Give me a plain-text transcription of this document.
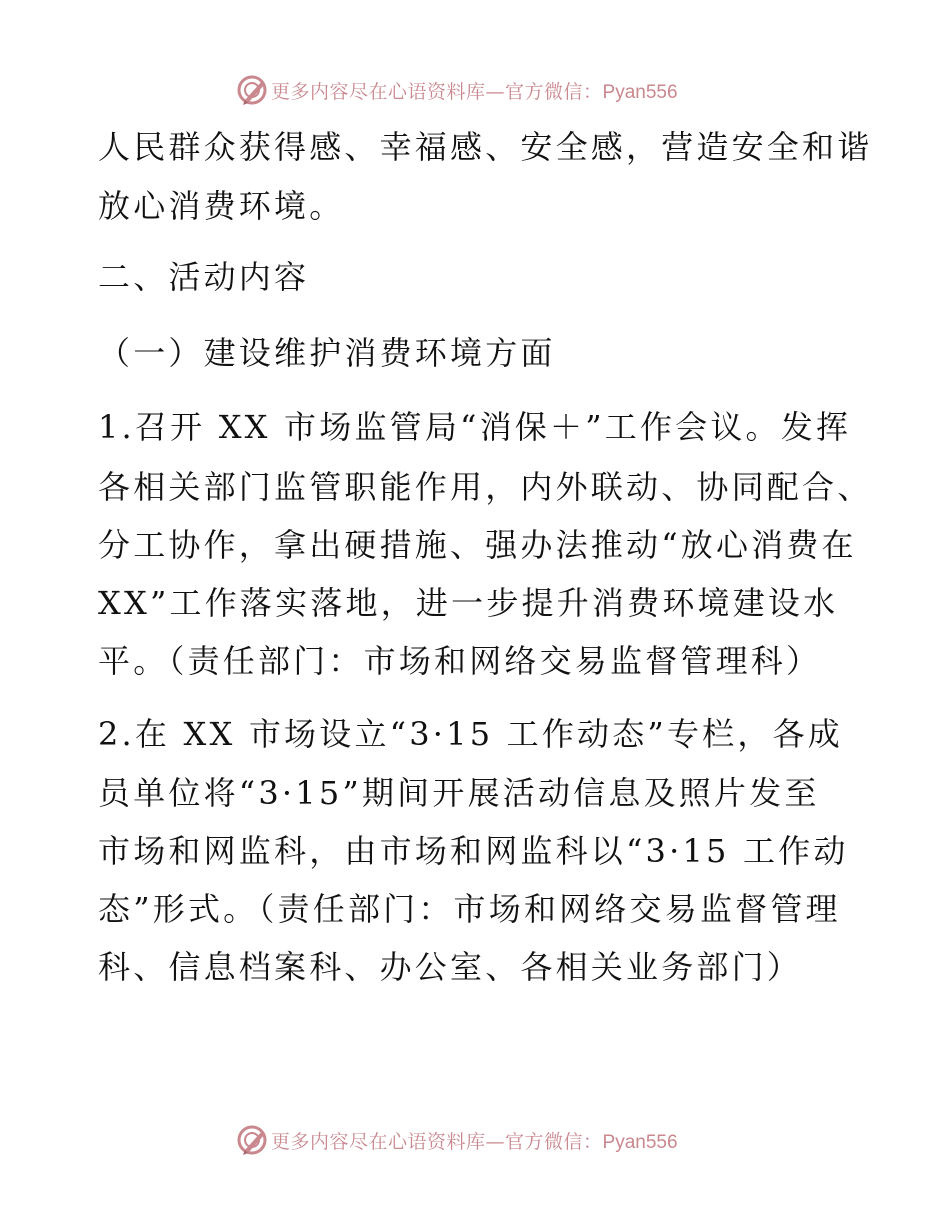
更多内容尽在心语资料库—官方微信：Pyan556
人民群众获得感、幸福感、安全感，营造安全和谐
放心消费环境。
二、活动内容
（一）建设维护消费环境方面
1.召开 XX 市场监管局“消保＋”工作会议。发挥
各相关部门监管职能作用，内外联动、协同配合、
分工协作，拿出硬措施、强办法推动“放心消费在
XX”工作落实落地，进一步提升消费环境建设水
平。（责任部门：市场和网络交易监督管理科）
2.在 XX 市场设立“3·15 工作动态”专栏，各成
员单位将“3·15”期间开展活动信息及照片发至
市场和网监科，由市场和网监科以“3·15 工作动
态”形式。（责任部门：市场和网络交易监督管理
科、信息档案科、办公室、各相关业务部门）
更多内容尽在心语资料库—官方微信：Pyan556
